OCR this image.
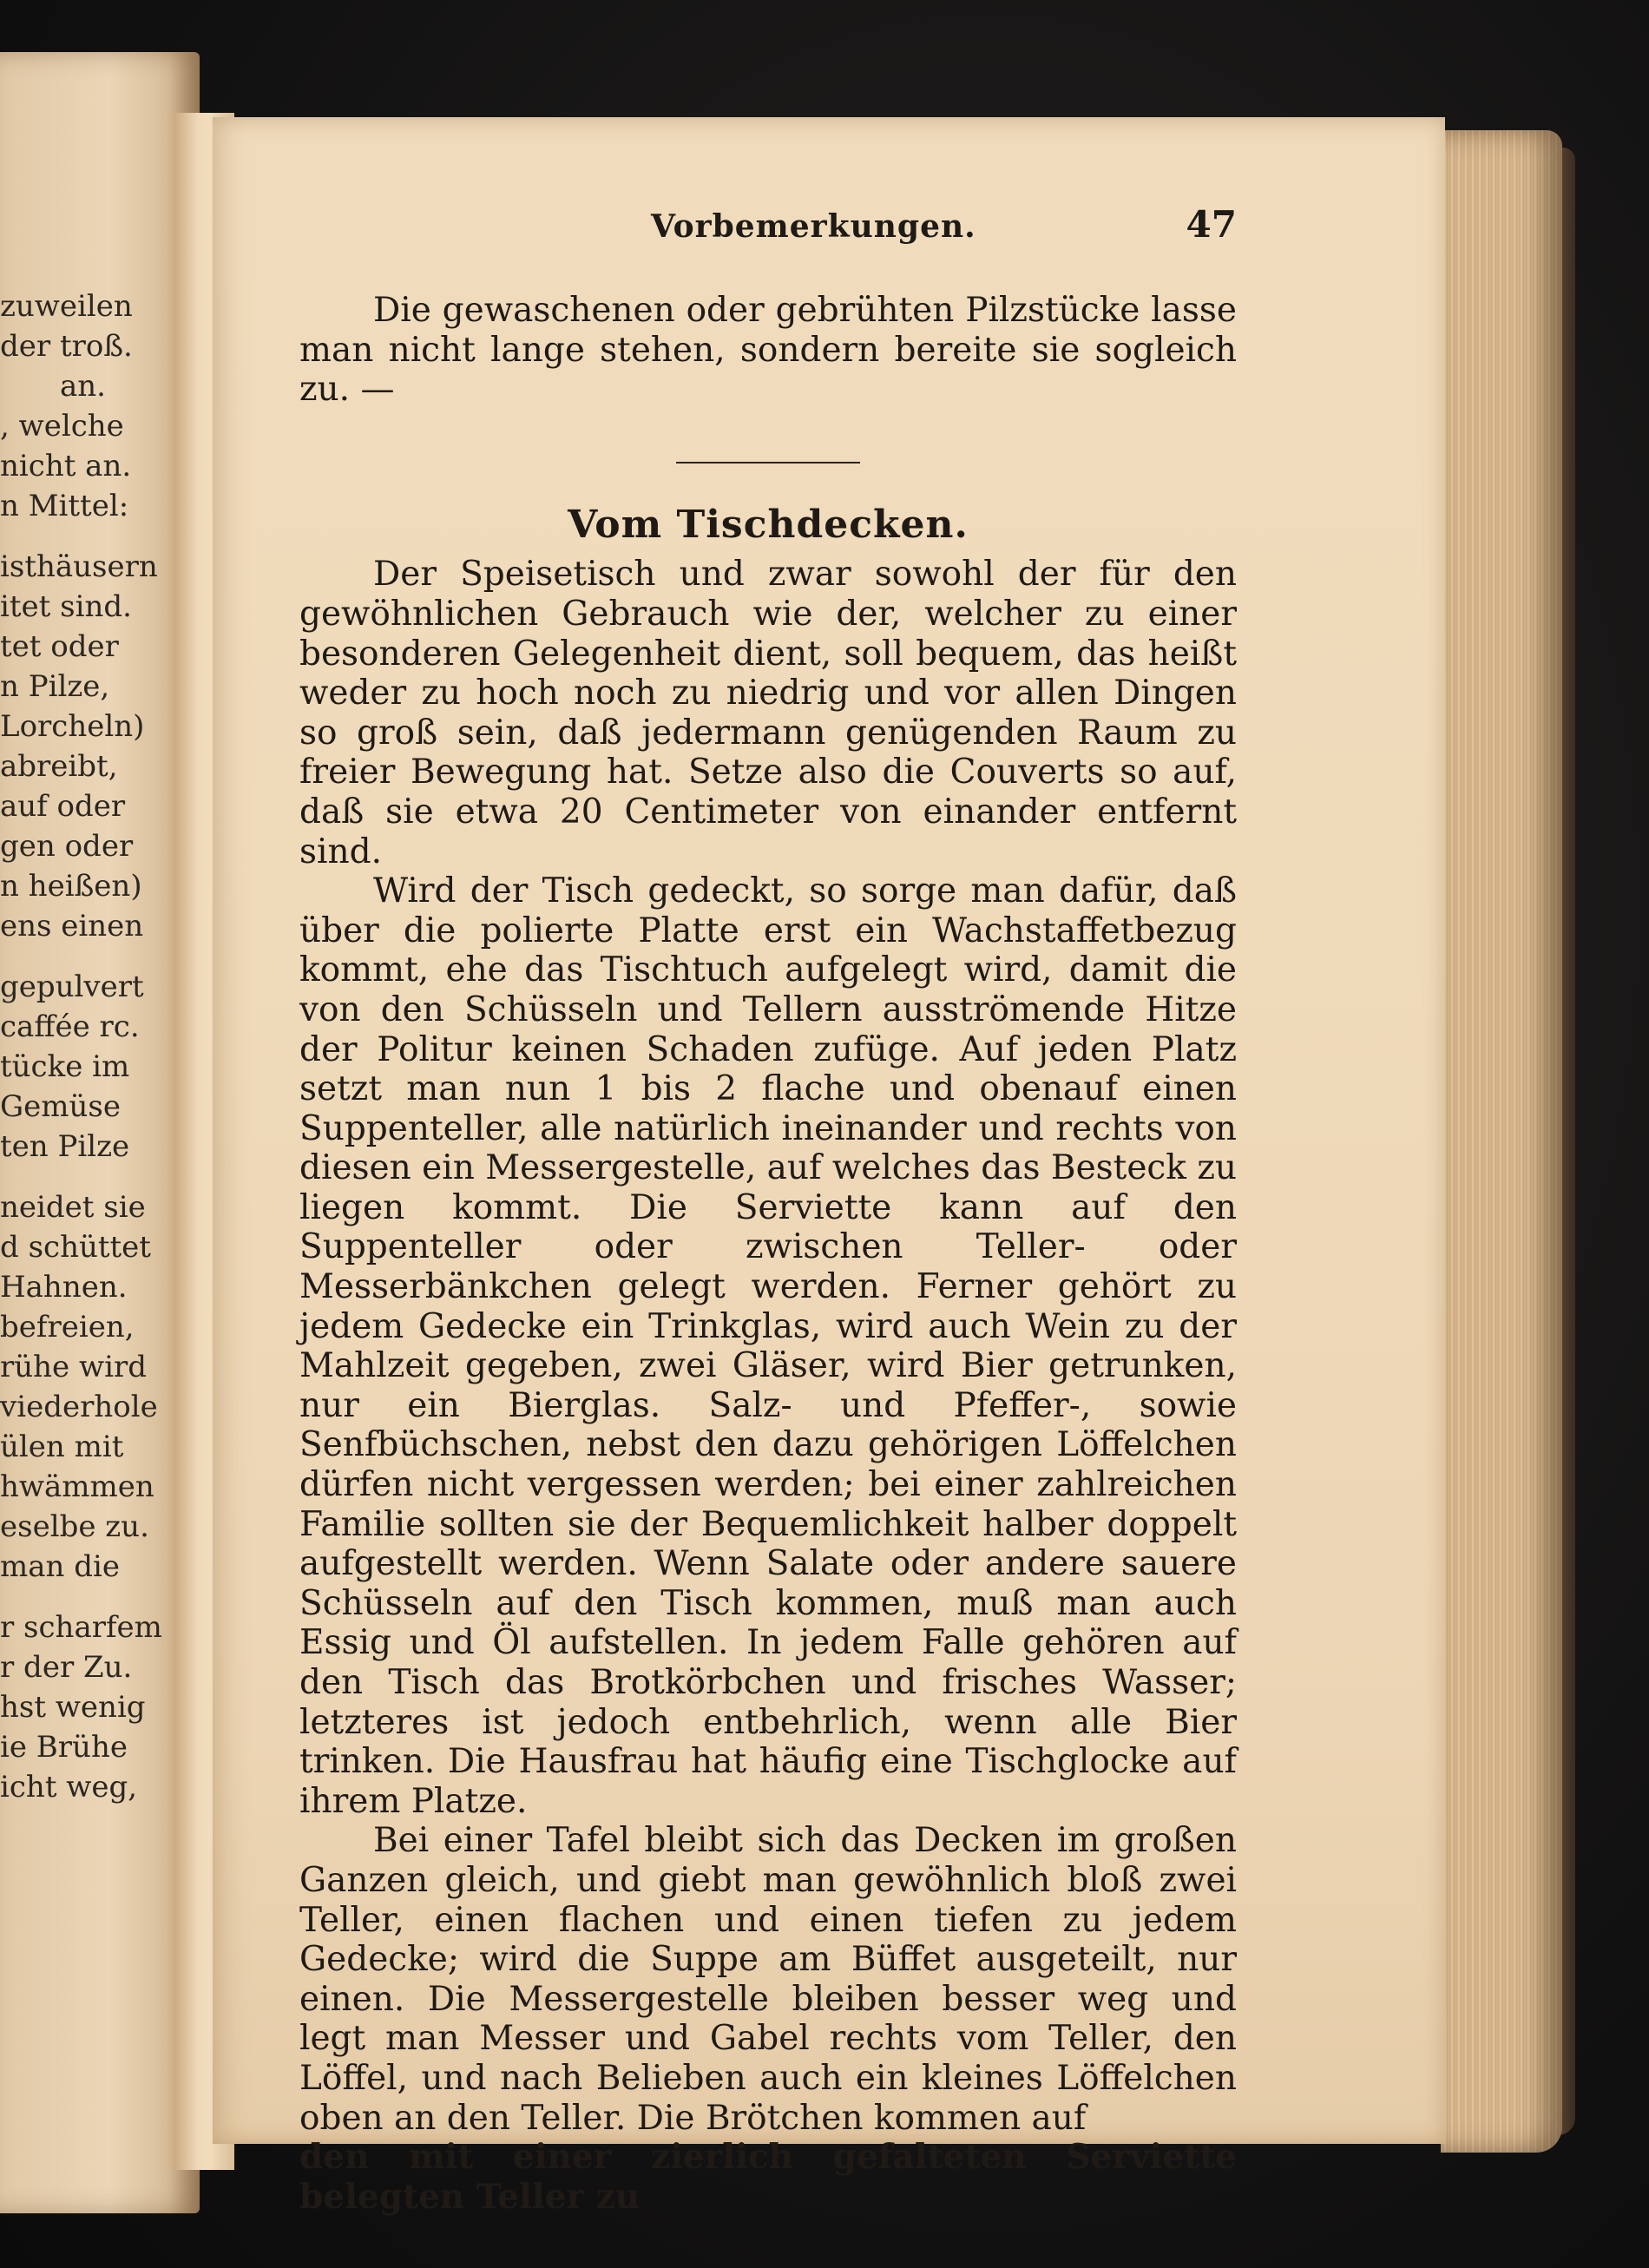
zuweilen
der troß.
an.
, welche
nicht an.
n Mittel:
isthäusern
itet sind.
tet oder
n Pilze,
Lorcheln)
abreibt,
auf oder
gen oder
n heißen)
ens einen
gepulvert
caffée rc.
tücke im
Gemüse
ten Pilze
neidet sie
d schüttet
Hahnen.
befreien,
rühe wird
viederhole
ülen mit
hwämmen
eselbe zu.
man die
r scharfem
r der Zu.
hst wenig
ie Brühe
icht weg,
Vorbemerkungen.	47

Die gewaschenen oder gebrühten Pilzstücke lasse man nicht lange stehen, sondern bereite sie sogleich zu. —

Vom Tischdecken.

Der Speisetisch und zwar sowohl der für den gewöhnlichen Gebrauch wie der, welcher zu einer besonderen Gelegenheit dient, soll bequem, das heißt weder zu hoch noch zu niedrig und vor allen Dingen so groß sein, daß jedermann genügenden Raum zu freier Bewegung hat. Setze also die Couverts so auf, daß sie etwa 20 Centimeter von einander entfernt sind.

Wird der Tisch gedeckt, so sorge man dafür, daß über die polierte Platte erst ein Wachstaffetbezug kommt, ehe das Tischtuch aufgelegt wird, damit die von den Schüsseln und Tellern ausströmende Hitze der Politur keinen Schaden zufüge. Auf jeden Platz setzt man nun 1 bis 2 flache und obenauf einen Suppenteller, alle natürlich ineinander und rechts von diesen ein Messergestelle, auf welches das Besteck zu liegen kommt. Die Serviette kann auf den Suppenteller oder zwischen Teller- oder Messerbänkchen gelegt werden. Ferner gehört zu jedem Gedecke ein Trinkglas, wird auch Wein zu der Mahlzeit gegeben, zwei Gläser, wird Bier getrunken, nur ein Bierglas. Salz- und Pfeffer-, sowie Senfbüchschen, nebst den dazu gehörigen Löffelchen dürfen nicht vergessen werden; bei einer zahlreichen Familie sollten sie der Bequemlichkeit halber doppelt aufgestellt werden. Wenn Salate oder andere sauere Schüsseln auf den Tisch kommen, muß man auch Essig und Öl aufstellen. In jedem Falle gehören auf den Tisch das Brotkörbchen und frisches Wasser; letzteres ist jedoch entbehrlich, wenn alle Bier trinken. Die Hausfrau hat häufig eine Tischglocke auf ihrem Platze.

Bei einer Tafel bleibt sich das Decken im großen Ganzen gleich, und giebt man gewöhnlich bloß zwei Teller, einen flachen und einen tiefen zu jedem Gedecke; wird die Suppe am Büffet ausgeteilt, nur einen. Die Messergestelle bleiben besser weg und legt man Messer und Gabel rechts vom Teller, den Löffel, und nach Belieben auch ein kleines Löffelchen oben an den Teller. Die Brötchen kommen auf

den mit einer zierlich gefalteten Serviette belegten Teller zu
